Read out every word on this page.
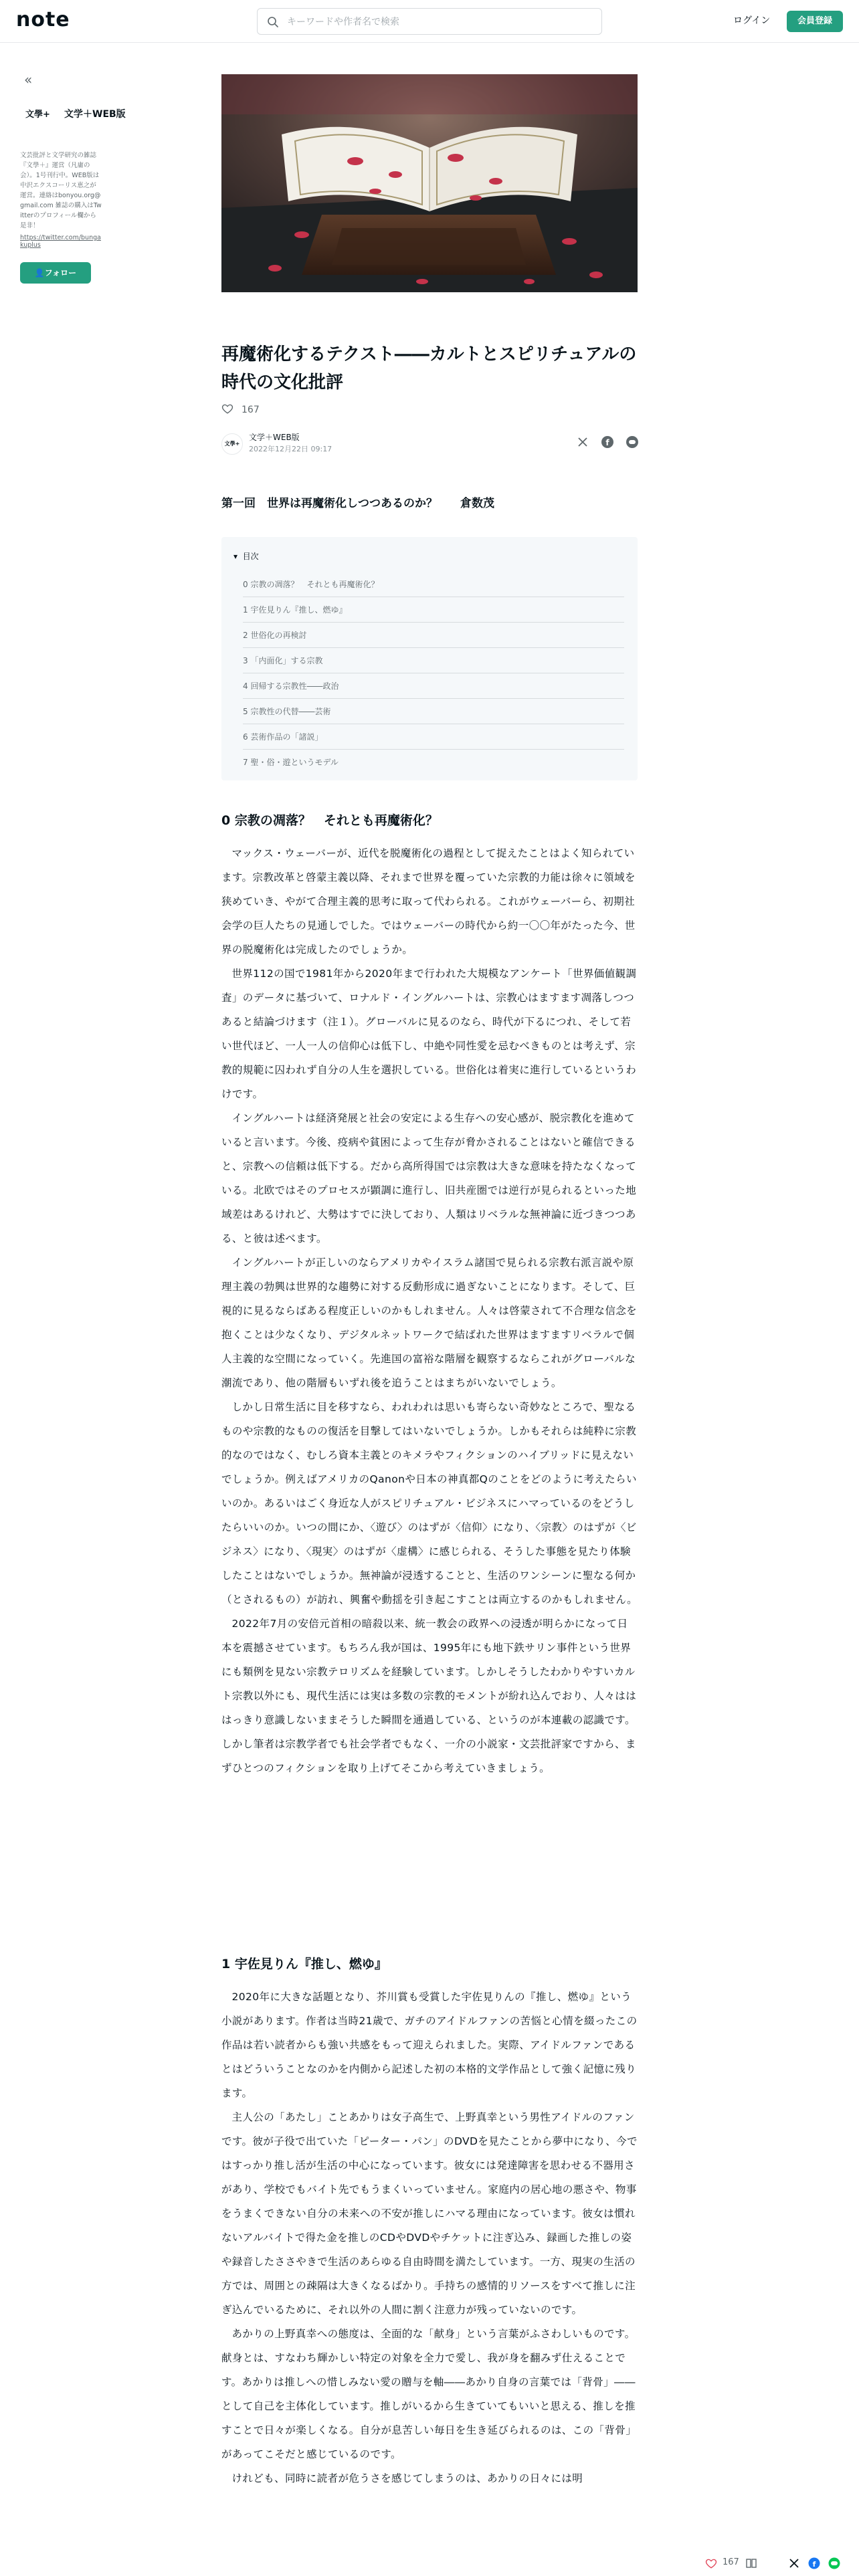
note
キーワードや作者名で検索	ログイン	会員登録
«
文學+ 文学＋WEB版
文芸批評と文学研究の雑誌『文學＋』運営（凡庸の会）。1号刊行中。WEB版は中沢エクスコーリス恵之が運営。連絡はbonyou.org@gmail.com 雑誌の購入はTwitterのプロフィール欄から是非！
https://twitter.com/bungakuplus
👤フォロー
再魔術化するテクスト――カルトとスピリチュアルの時代の文化批評
167
文學+
文学＋WEB版
2022年12月22日 09:17

f

第一回　世界は再魔術化しつつあるのか？　　倉数茂
▾ 目次
0 宗教の凋落？　それとも再魔術化？
1 宇佐見りん『推し、燃ゆ』
2 世俗化の再検討
3 「内面化」する宗教
4 回帰する宗教性――政治
5 宗教性の代替――芸術
6 芸術作品の「諸説」
7 聖・俗・遊というモデル
0 宗教の凋落？　それとも再魔術化？

マックス・ウェーバーが、近代を脱魔術化の過程として捉えたことはよく知られています。宗教改革と啓蒙主義以降、それまで世界を覆っていた宗教的力能は徐々に領域を狭めていき、やがて合理主義的思考に取って代わられる。これがウェーバーら、初期社会学の巨人たちの見通しでした。ではウェーバーの時代から約一〇〇年がたった今、世界の脱魔術化は完成したのでしょうか。

世界112の国で1981年から2020年まで行われた大規模なアンケート「世界価値観調査」のデータに基づいて、ロナルド・イングルハートは、宗教心はますます凋落しつつあると結論づけます（注１）。グローバルに見るのなら、時代が下るにつれ、そして若い世代ほど、一人一人の信仰心は低下し、中絶や同性愛を忌むべきものとは考えず、宗教的規範に囚われず自分の人生を選択している。世俗化は着実に進行しているというわけです。

イングルハートは経済発展と社会の安定による生存への安心感が、脱宗教化を進めていると言います。今後、疫病や貧困によって生存が脅かされることはないと確信できると、宗教への信頼は低下する。だから高所得国では宗教は大きな意味を持たなくなっている。北欧ではそのプロセスが顕調に進行し、旧共産圏では逆行が見られるといった地域差はあるけれど、大勢はすでに決しており、人類はリベラルな無神論に近づきつつある、と彼は述べます。

イングルハートが正しいのならアメリカやイスラム諸国で見られる宗教右派言説や原理主義の勃興は世界的な趨勢に対する反動形成に過ぎないことになります。そして、巨視的に見るならばある程度正しいのかもしれません。人々は啓蒙されて不合理な信念を抱くことは少なくなり、デジタルネットワークで結ばれた世界はますますリベラルで個人主義的な空間になっていく。先進国の富裕な階層を観察するならこれがグローバルな潮流であり、他の階層もいずれ後を追うことはまちがいないでしょう。

しかし日常生活に目を移すなら、われわれは思いも寄らない奇妙なところで、聖なるものや宗教的なものの復活を目撃してはいないでしょうか。しかもそれらは純粋に宗教的なのではなく、むしろ資本主義とのキメラやフィクションのハイブリッドに見えないでしょうか。例えばアメリカのQanonや日本の神真都Qのことをどのように考えたらいいのか。あるいはごく身近な人がスピリチュアル・ビジネスにハマっているのをどうしたらいいのか。いつの間にか、〈遊び〉のはずが〈信仰〉になり、〈宗教〉のはずが〈ビジネス〉になり、〈現実〉のはずが〈虚構〉に感じられる、そうした事態を見たり体験したことはないでしょうか。無神論が浸透することと、生活のワンシーンに聖なる何か（とされるもの）が訪れ、興奮や動揺を引き起こすことは両立するのかもしれません。

2022年7月の安倍元首相の暗殺以来、統一教会の政界への浸透が明らかになって日本を震撼させています。もちろん我が国は、1995年にも地下鉄サリン事件という世界にも類例を見ない宗教テロリズムを経験しています。しかしそうしたわかりやすいカルト宗教以外にも、現代生活には実は多数の宗教的モメントが紛れ込んでおり、人々はははっきり意識しないままそうした瞬間を通過している、というのが本連載の認識です。しかし筆者は宗教学者でも社会学者でもなく、一介の小説家・文芸批評家ですから、まずひとつのフィクションを取り上げてそこから考えていきましょう。

1 宇佐見りん『推し、燃ゆ』

2020年に大きな話題となり、芥川賞も受賞した宇佐見りんの『推し、燃ゆ』という小説があります。作者は当時21歳で、ガチのアイドルファンの苦悩と心情を綴ったこの作品は若い読者からも強い共感をもって迎えられました。実際、アイドルファンであるとはどういうことなのかを内側から記述した初の本格的文学作品として強く記憶に残ります。

主人公の「あたし」ことあかりは女子高生で、上野真幸という男性アイドルのファンです。彼が子役で出ていた「ピーター・パン」のDVDを見たことから夢中になり、今ではすっかり推し活が生活の中心になっています。彼女には発達障害を思わせる不器用さがあり、学校でもバイト先でもうまくいっていません。家庭内の居心地の悪さや、物事をうまくできない自分の未来への不安が推しにハマる理由になっています。彼女は慣れないアルバイトで得た金を推しのCDやDVDやチケットに注ぎ込み、録画した推しの姿や録音したささやきで生活のあらゆる自由時間を満たしています。一方、現実の生活の方では、周囲との疎隔は大きくなるばかり。手持ちの感情的リソースをすべて推しに注ぎ込んでいるために、それ以外の人間に割く注意力が残っていないのです。

あかりの上野真幸への態度は、全面的な「献身」という言葉がふさわしいものです。献身とは、すなわち輝かしい特定の対象を全力で愛し、我が身を翻みず仕えることです。あかりは推しへの惜しみない愛の贈与を軸――あかり自身の言葉では「背骨」――として自己を主体化しています。推しがいるから生きていてもいいと思える、推しを推すことで日々が楽しくなる。自分が息苦しい毎日を生き延びられるのは、この「背骨」があってこそだと感じているのです。

けれども、同時に読者が危うさを感じてしまうのは、あかりの日々には明

167	f
